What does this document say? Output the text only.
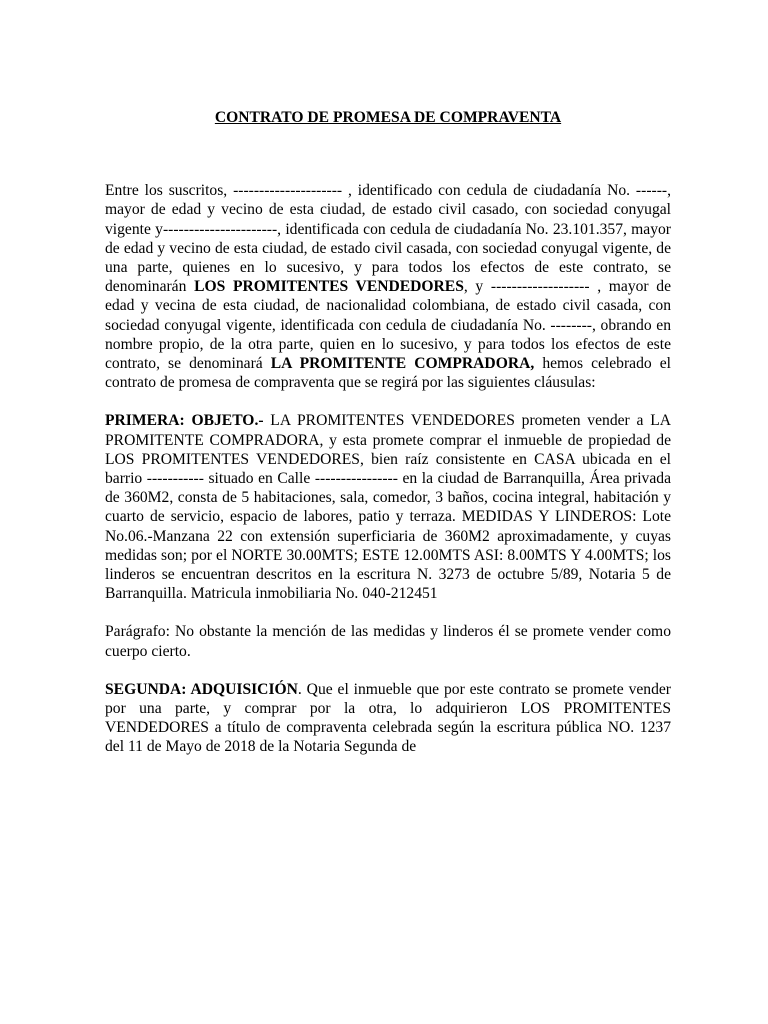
CONTRATO DE PROMESA DE COMPRAVENTA

Entre los suscritos, --------------------- , identificado con cedula de ciudadanía No. ------, mayor de edad y vecino de esta ciudad, de estado civil casado, con sociedad conyugal vigente y----------------------, identificada con cedula de ciudadanía No. 23.101.357, mayor de edad y vecino de esta ciudad, de estado civil casada, con sociedad conyugal vigente, de una parte, quienes en lo sucesivo, y para todos los efectos de este contrato, se denominarán LOS PROMITENTES VENDEDORES, y ------------------- , mayor de edad y vecina de esta ciudad, de nacionalidad colombiana, de estado civil casada, con sociedad conyugal vigente, identificada con cedula de ciudadanía No. --------, obrando en nombre propio, de la otra parte, quien en lo sucesivo, y para todos los efectos de este contrato, se denominará LA PROMITENTE COMPRADORA, hemos celebrado el contrato de promesa de compraventa que se regirá por las siguientes cláusulas:

PRIMERA: OBJETO.- LA PROMITENTES VENDEDORES prometen vender a LA PROMITENTE COMPRADORA, y esta promete comprar el inmueble de propiedad de LOS PROMITENTES VENDEDORES, bien raíz consistente en CASA ubicada en el barrio ----------- situado en Calle ---------------- en la ciudad de Barranquilla, Área privada de 360M2, consta de 5 habitaciones, sala, comedor, 3 baños, cocina integral, habitación y cuarto de servicio, espacio de labores, patio y terraza. MEDIDAS Y LINDEROS: Lote No.06.-Manzana 22 con extensión superficiaria de 360M2 aproximadamente, y cuyas medidas son; por el NORTE 30.00MTS; ESTE 12.00MTS ASI: 8.00MTS Y 4.00MTS; los linderos se encuentran descritos en la escritura N. 3273 de octubre 5/89, Notaria 5 de Barranquilla. Matricula inmobiliaria No. 040-212451

Parágrafo: No obstante la mención de las medidas y linderos él se promete vender como cuerpo cierto.

SEGUNDA: ADQUISICIÓN. Que el inmueble que por este contrato se promete vender por una parte, y comprar por la otra, lo adquirieron LOS PROMITENTES VENDEDORES a título de compraventa celebrada según la escritura pública NO. 1237 del 11 de Mayo de 2018 de la Notaria Segunda de
